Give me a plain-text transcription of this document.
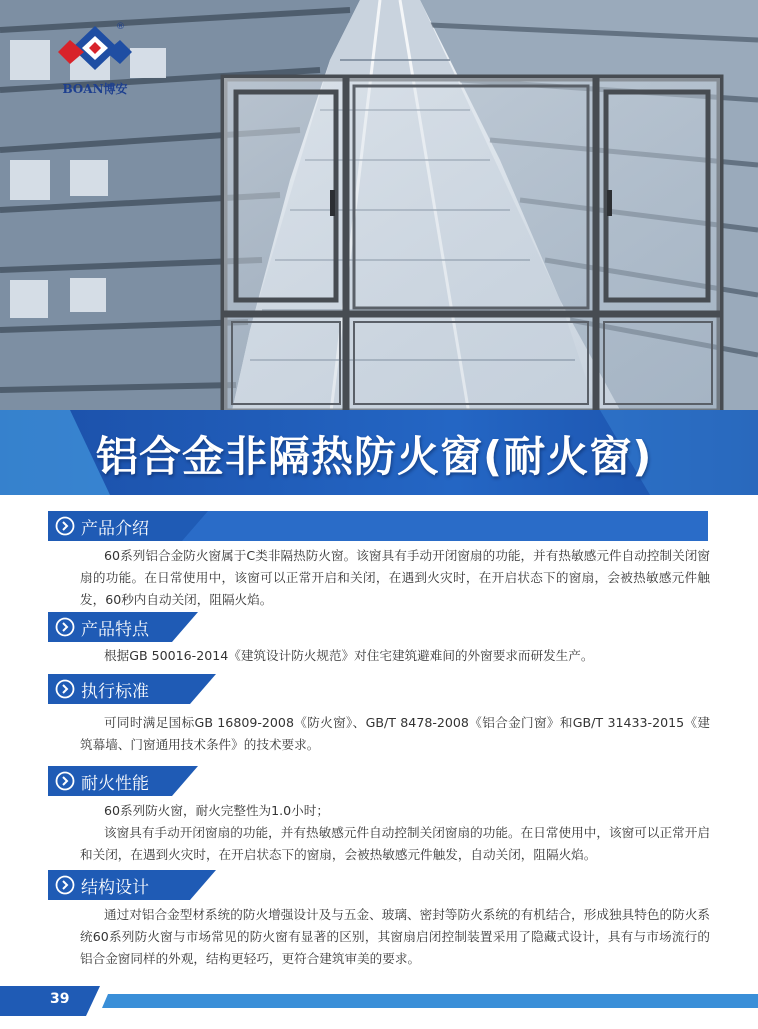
®
BOAN博安
铝合金非隔热防火窗(耐火窗)
产品介绍

60系列铝合金防火窗属于C类非隔热防火窗。该窗具有手动开闭窗扇的功能，并有热敏感元件自动控制关闭窗扇的功能。在日常使用中，该窗可以正常开启和关闭，在遇到火灾时，在开启状态下的窗扇，会被热敏感元件触发，60秒内自动关闭，阻隔火焰。

产品特点

根据GB 50016-2014《建筑设计防火规范》对住宅建筑避难间的外窗要求而研发生产。

执行标准

可同时满足国标GB 16809-2008《防火窗》、GB/T 8478-2008《铝合金门窗》和GB/T 31433-2015《建筑幕墙、门窗通用技术条件》的技术要求。

耐火性能

60系列防火窗，耐火完整性为1.0小时；

该窗具有手动开闭窗扇的功能，并有热敏感元件自动控制关闭窗扇的功能。在日常使用中，该窗可以正常开启和关闭，在遇到火灾时，在开启状态下的窗扇，会被热敏感元件触发，自动关闭，阻隔火焰。

结构设计

通过对铝合金型材系统的防火增强设计及与五金、玻璃、密封等防火系统的有机结合，形成独具特色的防火系统60系列防火窗与市场常见的防火窗有显著的区别，其窗扇启闭控制装置采用了隐藏式设计，具有与市场流行的铝合金窗同样的外观，结构更轻巧，更符合建筑审美的要求。

39
